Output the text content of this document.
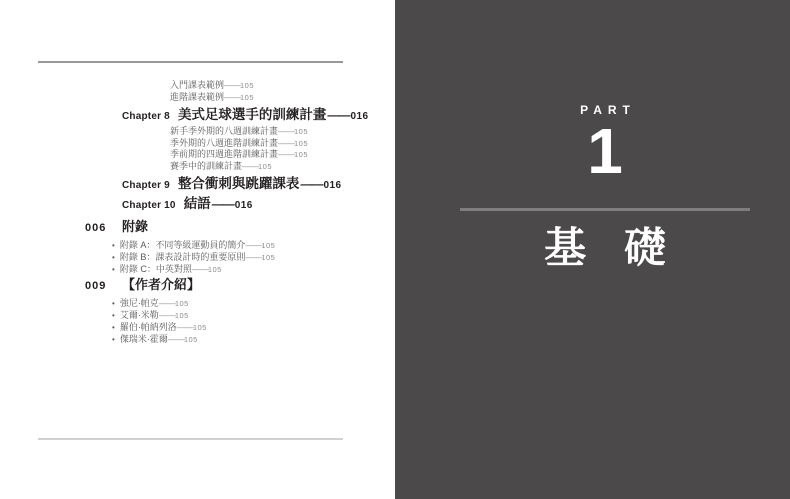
入門課表範例——105
進階課表範例——105
Chapter 8 美式足球選手的訓練計畫 —— 016
新手季外期的八週訓練計畫——105
季外期的八週進階訓練計畫——105
季前期的四週進階訓練計畫——105
賽季中的訓練計畫——105
Chapter 9 整合衝刺與跳躍課表 —— 016
Chapter 10 結語 —— 016
006	附錄
• 附錄 A：不同等級運動員的簡介——105
• 附錄 B：課表設計時的重要原則——105
• 附錄 C：中英對照——105
009	【作者介紹】
• 強尼·帕克——105
• 艾爾·米勒——105
• 羅伯·帕納列洛——105
• 傑瑞米·霍爾——105
PART
1
基 礎
